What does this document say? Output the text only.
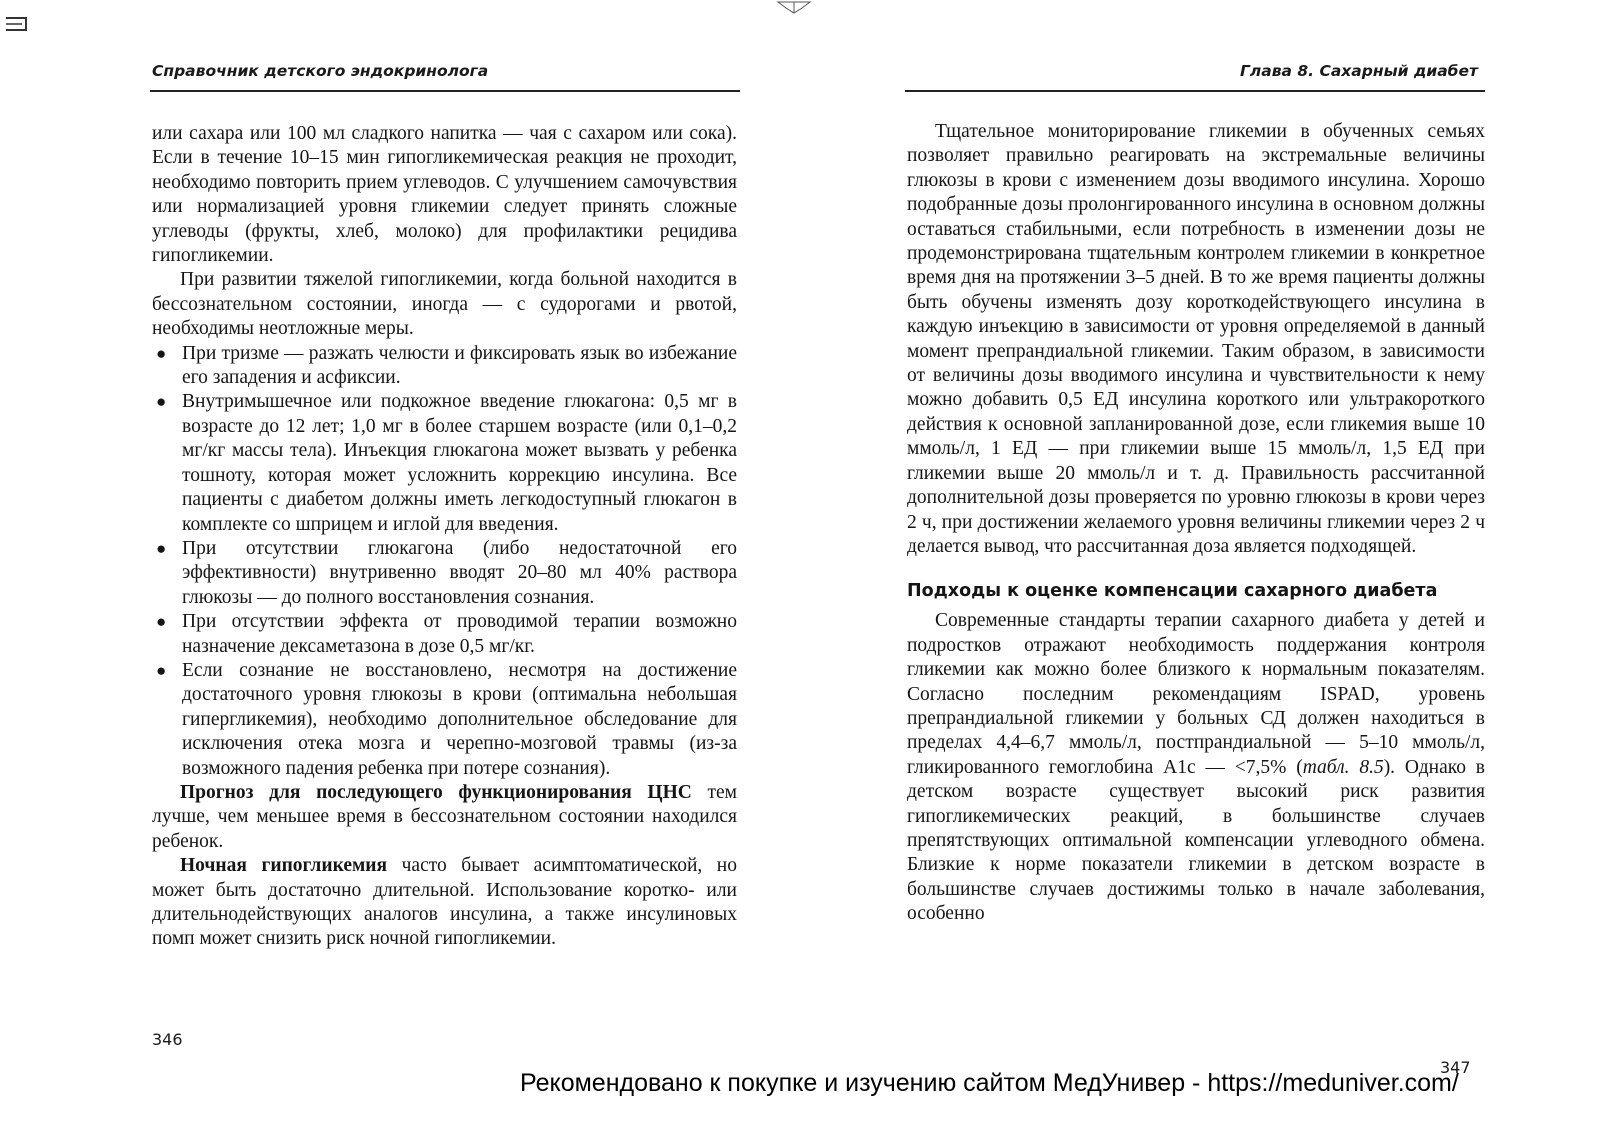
Справочник детского эндокринолога

или сахара или 100 мл сладкого напитка — чая с сахаром или сока). Если в течение 10–15 мин гипогликемическая реакция не проходит, необходимо повторить прием углеводов. С улучшением самочувствия или нормализацией уровня гликемии следует принять сложные углеводы (фрукты, хлеб, молоко) для профилактики рецидива гипогликемии.

При развитии тяжелой гипогликемии, когда больной находится в бессознательном состоянии, иногда — с судорогами и рвотой, необходимы неотложные меры.

● При тризме — разжать челюсти и фиксировать язык во избежание его западения и асфиксии.
● Внутримышечное или подкожное введение глюкагона: 0,5 мг в возрасте до 12 лет; 1,0 мг в более старшем возрасте (или 0,1–0,2 мг/кг массы тела). Инъекция глюкагона может вызвать у ребенка тошноту, которая может усложнить коррекцию инсулина. Все пациенты с диабетом должны иметь легкодоступный глюкагон в комплекте со шприцем и иглой для введения.
● При отсутствии глюкагона (либо недостаточной его эффективности) внутривенно вводят 20–80 мл 40% раствора глюкозы — до полного восстановления сознания.
● При отсутствии эффекта от проводимой терапии возможно назначение дексаметазона в дозе 0,5 мг/кг.
● Если сознание не восстановлено, несмотря на достижение достаточного уровня глюкозы в крови (оптимальна небольшая гипергликемия), необходимо дополнительное обследование для исключения отека мозга и черепно-мозговой травмы (из-за возможного падения ребенка при потере сознания).

Прогноз для последующего функционирования ЦНС тем лучше, чем меньшее время в бессознательном состоянии находился ребенок.

Ночная гипогликемия часто бывает асимптоматической, но может быть достаточно длительной. Использование коротко- или длительнодействующих аналогов инсулина, а также инсулиновых помп может снизить риск ночной гипогликемии.

346
Глава 8. Сахарный диабет

Тщательное мониторирование гликемии в обученных семьях позволяет правильно реагировать на экстремальные величины глюкозы в крови с изменением дозы вводимого инсулина. Хорошо подобранные дозы пролонгированного инсулина в основном должны оставаться стабильными, если потребность в изменении дозы не продемонстрирована тщательным контролем гликемии в конкретное время дня на протяжении 3–5 дней. В то же время пациенты должны быть обучены изменять дозу короткодействующего инсулина в каждую инъекцию в зависимости от уровня определяемой в данный момент препрандиальной гликемии. Таким образом, в зависимости от величины дозы вводимого инсулина и чувствительности к нему можно добавить 0,5 ЕД инсулина короткого или ультракороткого действия к основной запланированной дозе, если гликемия выше 10 ммоль/л, 1 ЕД — при гликемии выше 15 ммоль/л, 1,5 ЕД при гликемии выше 20 ммоль/л и т. д. Правильность рассчитанной дополнительной дозы проверяется по уровню глюкозы в крови через 2 ч, при достижении желаемого уровня величины гликемии через 2 ч делается вывод, что рассчитанная доза является подходящей.

Подходы к оценке компенсации сахарного диабета

Современные стандарты терапии сахарного диабета у детей и подростков отражают необходимость поддержания контроля гликемии как можно более близкого к нормальным показателям. Согласно последним рекомендациям ISPAD, уровень препрандиальной гликемии у больных СД должен находиться в пределах 4,4–6,7 ммоль/л, постпрандиальной — 5–10 ммоль/л, гликированного гемоглобина A1c — <7,5% (табл. 8.5). Однако в детском возрасте существует высокий риск развития гипогликемических реакций, в большинстве случаев препятствующих оптимальной компенсации углеводного обмена. Близкие к норме показатели гликемии в детском возрасте в большинстве случаев достижимы только в начале заболевания, особенно

347
Рекомендовано к покупке и изучению сайтом МедУнивер - https://meduniver.com/
